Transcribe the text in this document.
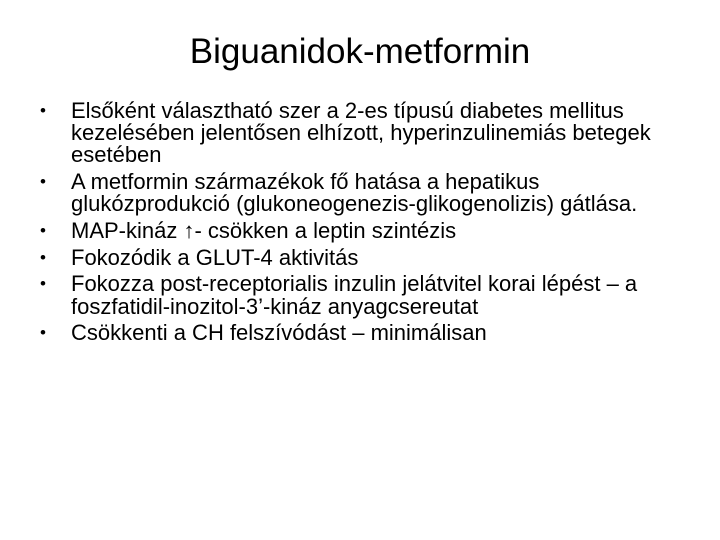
Biguanidok-metformin
•	Elsőként választható szer a 2-es típusú diabetes mellitus kezelésében jelentősen elhízott, hyperinzulinemiás betegek esetében
•	A metformin származékok fő hatása a hepatikus glukózprodukció (glukoneogenezis-glikogenolizis) gátlása.
•	MAP-kináz ↑- csökken a leptin szintézis
•	Fokozódik a GLUT-4 aktivitás
•	Fokozza post-receptorialis inzulin jelátvitel korai lépést – a foszfatidil-inozitol-3’-kináz anyagcsereutat
•	Csökkenti a CH felszívódást – minimálisan
